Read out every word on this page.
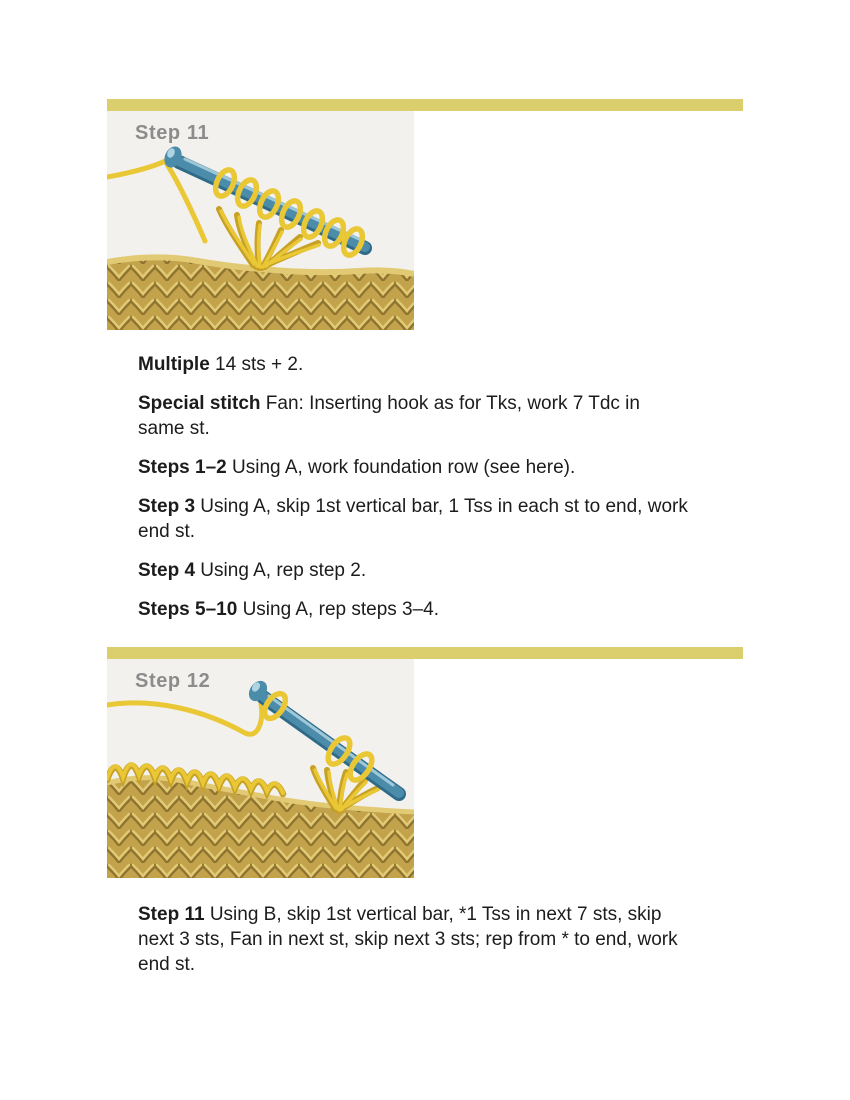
Step 11
Multiple 14 sts + 2.
Special stitch Fan: Inserting hook as for Tks, work 7 Tdc in
same st.
Steps 1–2 Using A, work foundation row (see here).
Step 3 Using A, skip 1st vertical bar, 1 Tss in each st to end, work
end st.
Step 4 Using A, rep step 2.
Steps 5–10 Using A, rep steps 3–4.
Step 12
Step 11 Using B, skip 1st vertical bar, *1 Tss in next 7 sts, skip
next 3 sts, Fan in next st, skip next 3 sts; rep from * to end, work
end st.
